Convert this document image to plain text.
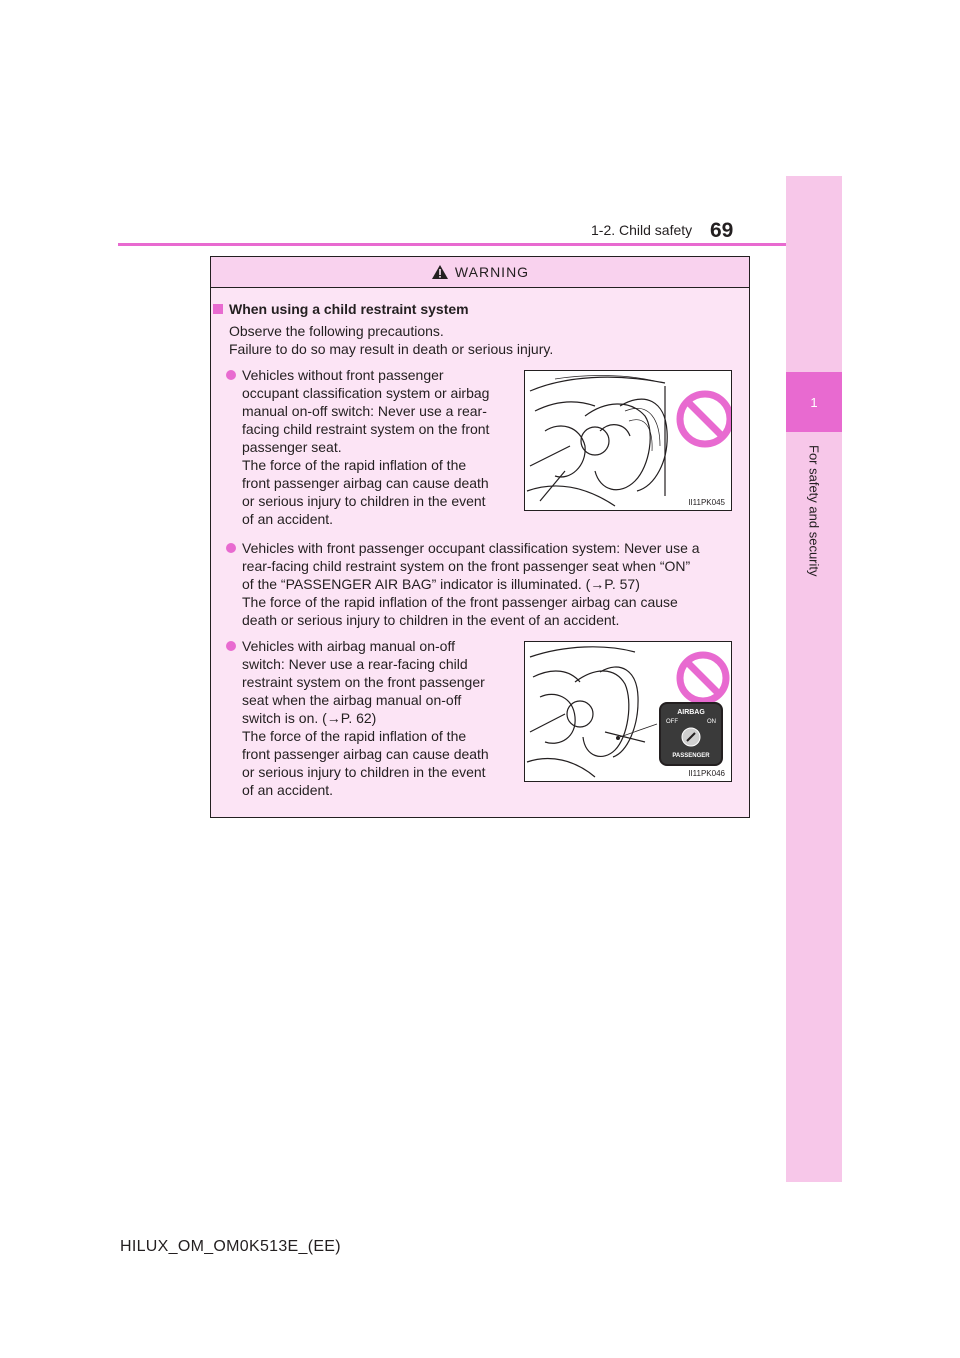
1
For safety and security
1-2. Child safety 69
WARNING
When using a child restraint system
Observe the following precautions.
Failure to do so may result in death or serious injury.
Vehicles without front passenger
occupant classification system or airbag
manual on-off switch: Never use a rear-
facing child restraint system on the front
passenger seat.
The force of the rapid inflation of the
front passenger airbag can cause death
or serious injury to children in the event
of an accident.
II11PK045
Vehicles with front passenger occupant classification system: Never use a
rear-facing child restraint system on the front passenger seat when “ON”
of the “PASSENGER AIR BAG” indicator is illuminated. (→P. 57)
The force of the rapid inflation of the front passenger airbag can cause
death or serious injury to children in the event of an accident.
Vehicles with airbag manual on-off
switch: Never use a rear-facing child
restraint system on the front passenger
seat when the airbag manual on-off
switch is on. (→P. 62)
The force of the rapid inflation of the
front passenger airbag can cause death
or serious injury to children in the event
of an accident.
AIRBAG
OFF	ON
PASSENGER
II11PK046
HILUX_OM_OM0K513E_(EE)
